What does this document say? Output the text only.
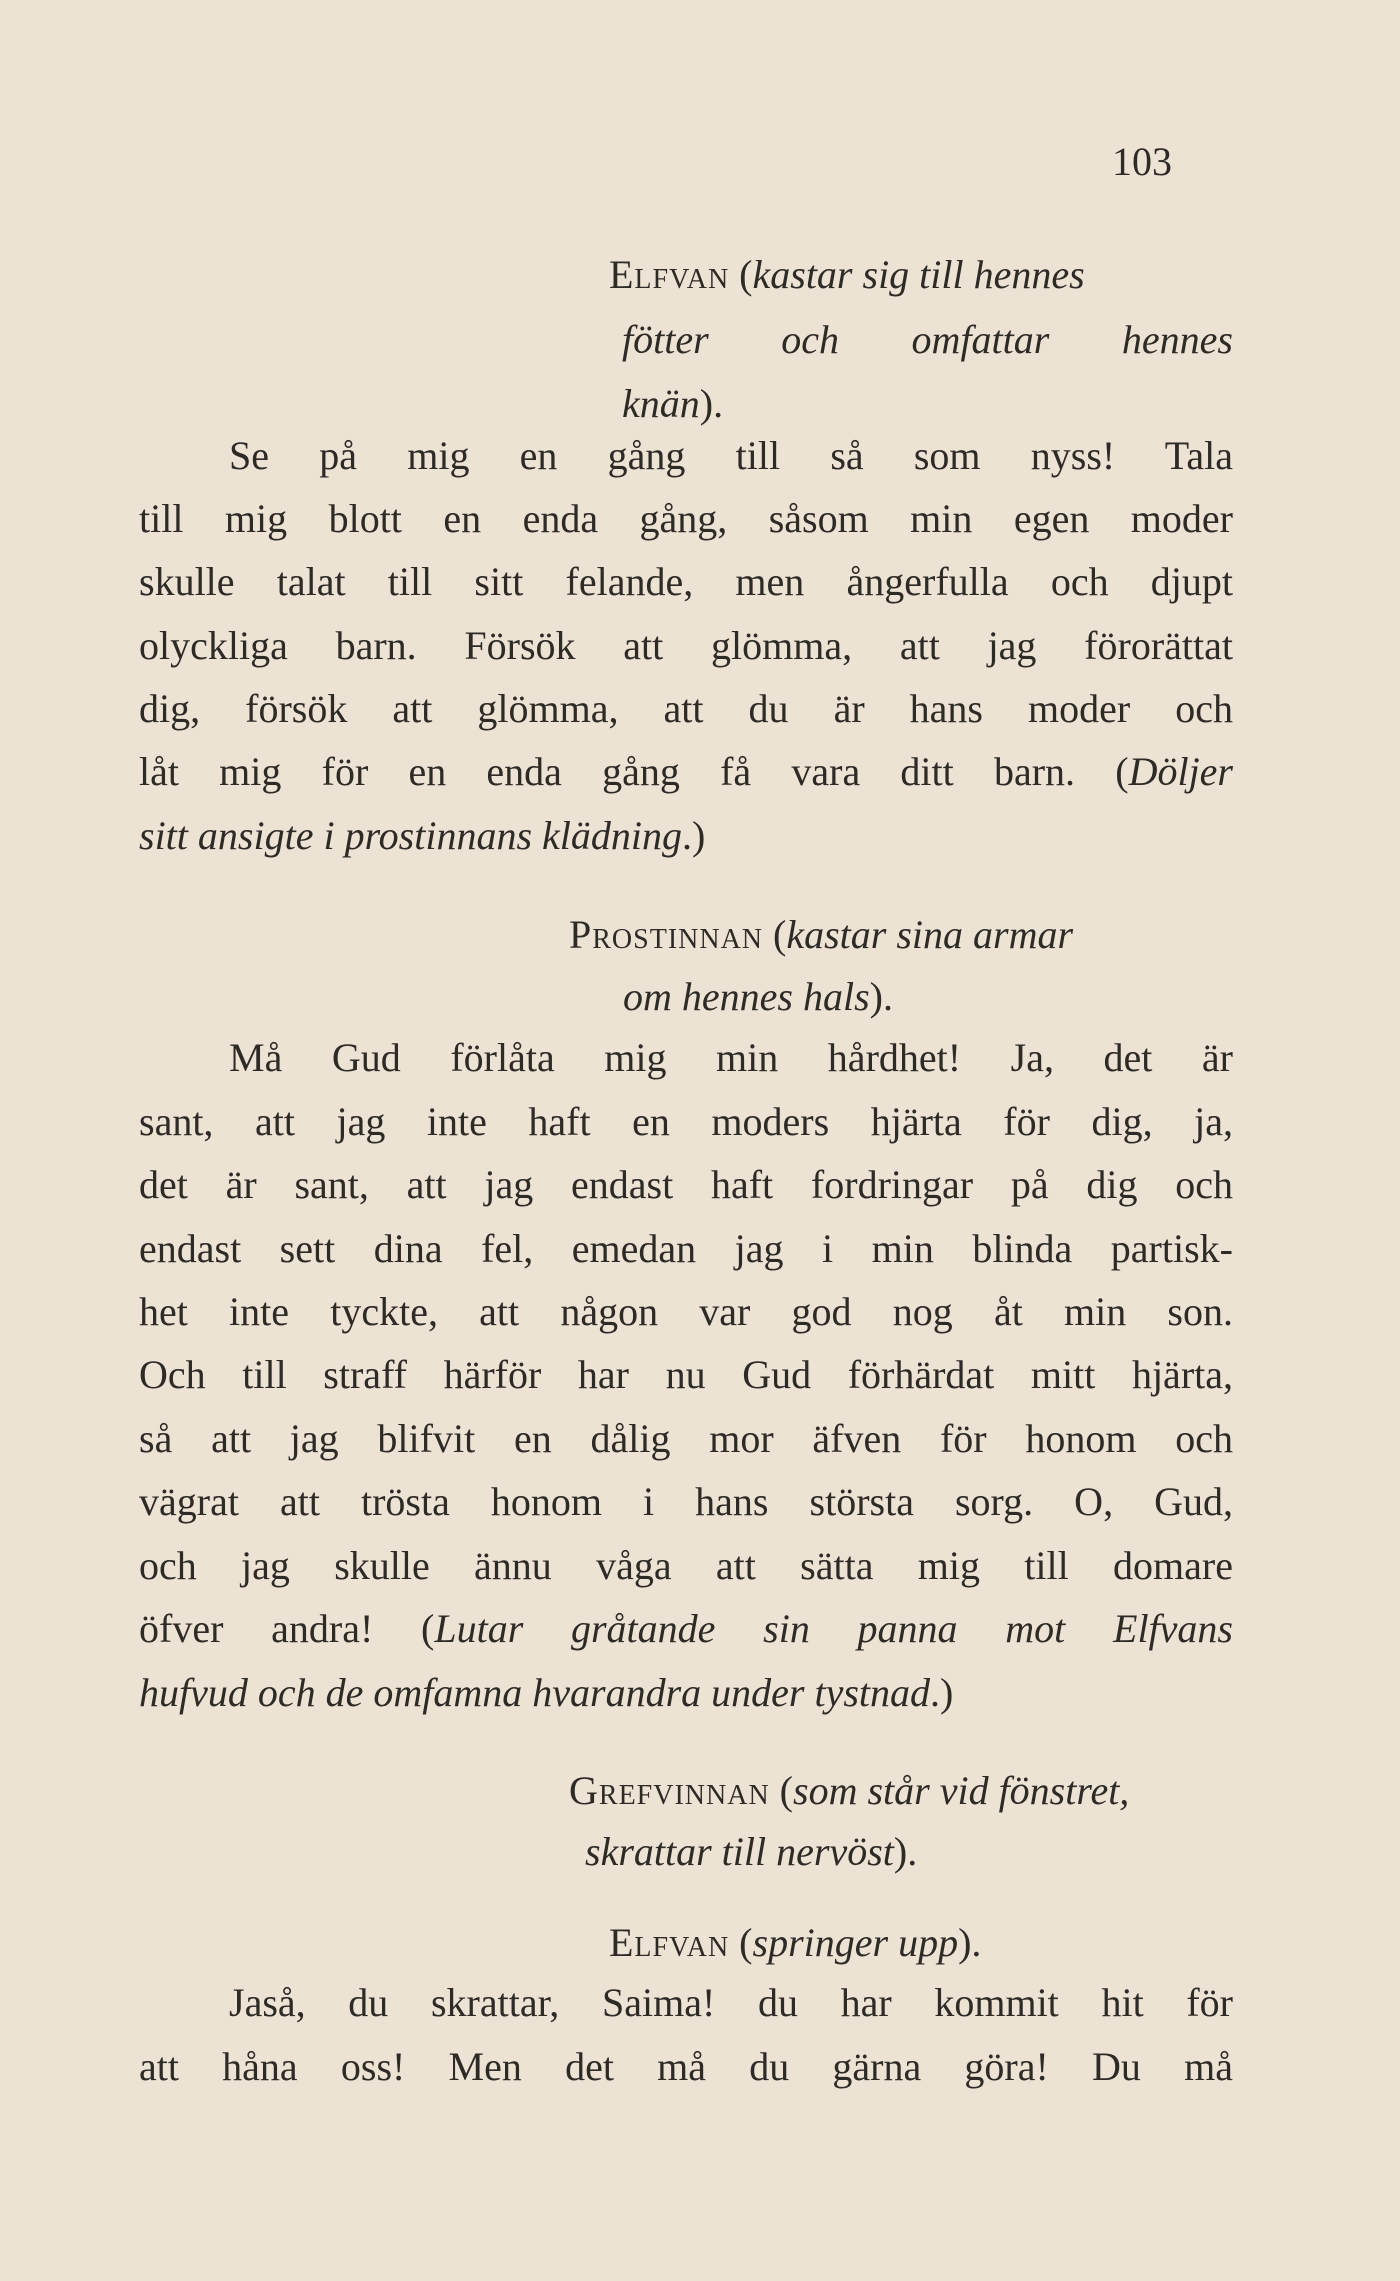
103
Elfvan (kastar sig till hennes
fötter och omfattar hennes
knän).
Se på mig en gång till så som nyss! Tala
till mig blott en enda gång, såsom min egen moder
skulle talat till sitt felande, men ångerfulla och djupt
olyckliga barn. Försök att glömma, att jag förorättat
dig, försök att glömma, att du är hans moder och
låt mig för en enda gång få vara ditt barn. (Döljer
sitt ansigte i prostinnans klädning.)
Prostinnan (kastar sina armar
om hennes hals).
Må Gud förlåta mig min hårdhet! Ja, det är
sant, att jag inte haft en moders hjärta för dig, ja,
det är sant, att jag endast haft fordringar på dig och
endast sett dina fel, emedan jag i min blinda partisk-
het inte tyckte, att någon var god nog åt min son.
Och till straff härför har nu Gud förhärdat mitt hjärta,
så att jag blifvit en dålig mor äfven för honom och
vägrat att trösta honom i hans största sorg. O, Gud,
och jag skulle ännu våga att sätta mig till domare
öfver andra! (Lutar gråtande sin panna mot Elfvans
hufvud och de omfamna hvarandra under tystnad.)
Grefvinnan (som står vid fönstret,
skrattar till nervöst).
Elfvan (springer upp).
Jaså, du skrattar, Saima! du har kommit hit för
att håna oss! Men det må du gärna göra! Du må
